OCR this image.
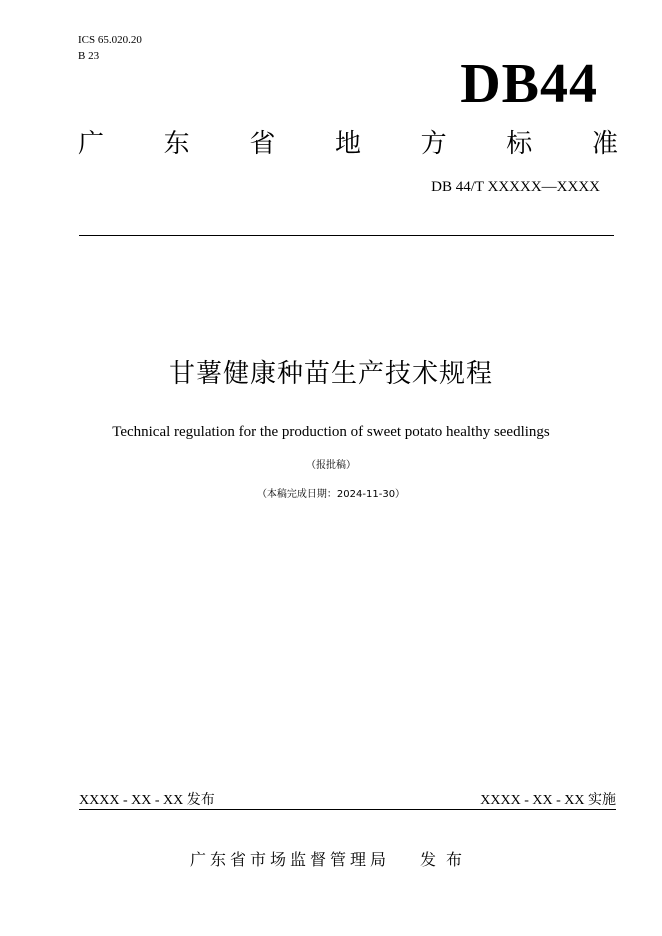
ICS 65.020.20
B 23	DB44
广 东 省 地 方 标 准
DB 44/T XXXXX—XXXX
甘薯健康种苗生产技术规程
Technical regulation for the production of sweet potato healthy seedlings
（报批稿）
（本稿完成日期：2024-11-30）
XXXX - XX - XX 发布	XXXX - XX - XX 实施
广东省市场监督管理局 发布
